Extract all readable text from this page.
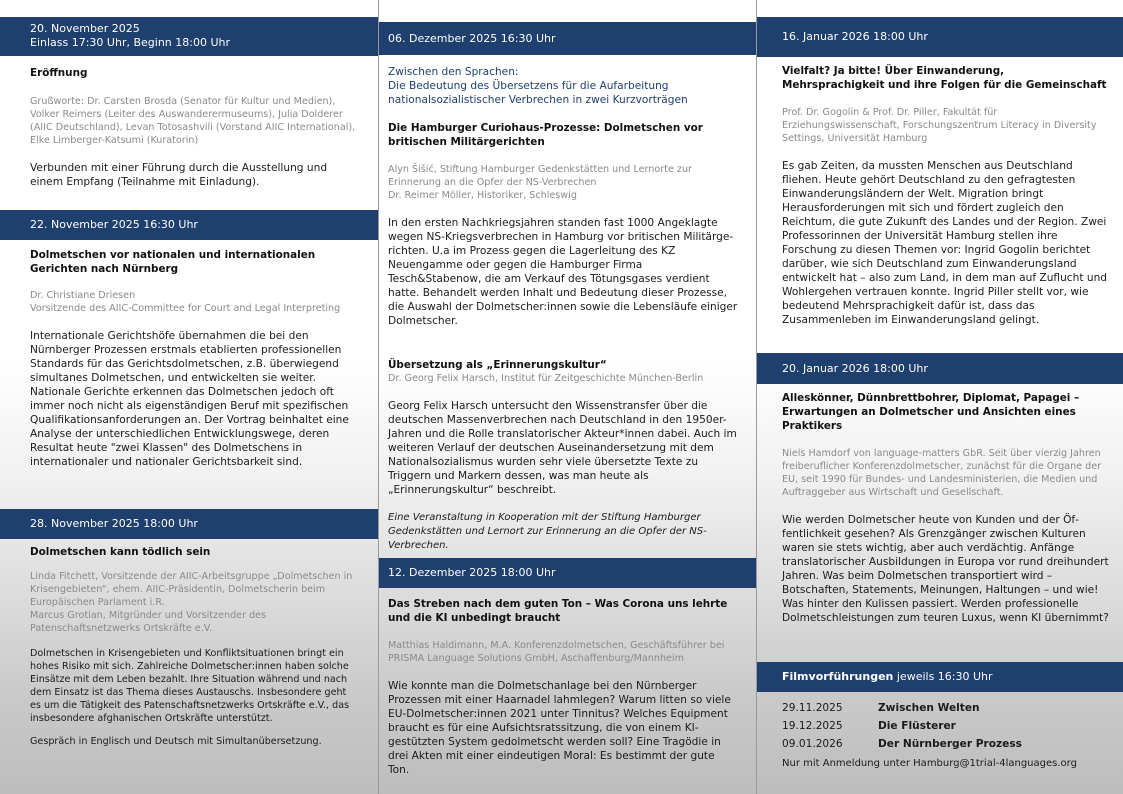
20. November 2025
Einlass 17:30 Uhr, Beginn 18:00 Uhr

Eröffnung

Grußworte: Dr. Carsten Brosda (Senator für Kultur und Medien), Volker Reimers (Leiter des Auswanderermuseums), Julia Dolderer (AIIC Deutschland), Levan Totosashvili (Vorstand AIIC International), Elke Limberger-Katsumi (Kuratorin)

Verbunden mit einer Führung durch die Ausstellung und einem Empfang (Teilnahme mit Einladung).

22. November 2025 16:30 Uhr

Dolmetschen vor nationalen und internationalen Gerichten nach Nürnberg

Dr. Christiane Driesen
Vorsitzende des AIIC-Committee for Court and Legal Interpreting

Internationale Gerichtshöfe übernahmen die bei den Nürnberger Prozessen erstmals etablierten professionellen Standards für das Gerichtsdolmetschen, z.B. überwiegend simultanes Dolmetschen, und entwickelten sie weiter. Nationale Gerichte erkennen das Dolmetschen jedoch oft immer noch nicht als eigenständigen Beruf mit spezifischen Qualifikationsanforderungen an. Der Vortrag beinhaltet eine Analyse der unterschiedlichen Entwicklungswege, deren Resultat heute "zwei Klassen" des Dolmetschens in internationaler und nationaler Gerichtsbarkeit sind.

28. November 2025 18:00 Uhr

Dolmetschen kann tödlich sein

Linda Fitchett, Vorsitzende der AIIC-Arbeitsgruppe „Dolmetschen in Krisengebieten“, ehem. AIIC-Präsidentin, Dolmetscherin beim Europäischen Parlament i.R.
Marcus Grotian, Mitgründer und Vorsitzender des Patenschaftsnetzwerks Ortskräfte e.V.

Dolmetschen in Krisengebieten und Konfliktsituationen bringt ein hohes Risiko mit sich. Zahlreiche Dolmetscher:innen haben solche Einsätze mit dem Leben bezahlt. Ihre Situation während und nach dem Einsatz ist das Thema dieses Austauschs. Insbesondere geht es um die Tätigkeit des Patenschaftsnetzwerks Ortskräfte e.V., das insbesondere afghanischen Ortskräfte unterstützt.

Gespräch in Englisch und Deutsch mit Simultanübersetzung.

06. Dezember 2025 16:30 Uhr

Zwischen den Sprachen:

Die Bedeutung des Übersetzens für die Aufarbeitung nationalsozialistischer Verbrechen in zwei Kurzvorträgen

Die Hamburger Curiohaus-Prozesse: Dolmetschen vor britischen Militärgerichten

Alyn Šišić, Stiftung Hamburger Gedenkstätten und Lernorte zur Erinnerung an die Opfer der NS-Verbrechen
Dr. Reimer Möller, Historiker, Schleswig

In den ersten Nachkriegsjahren standen fast 1000 Angeklagte wegen NS-Kriegsverbrechen in Hamburg vor britischen Militärgerichten. U.a im Prozess gegen die Lagerleitung des KZ Neuengamme oder gegen die Hamburger Firma Tesch&Stabenow, die am Verkauf des Tötungsgases verdient hatte. Behandelt werden Inhalt und Bedeutung dieser Prozesse, die Auswahl der Dolmetscher:innen sowie die Lebensläufe einiger Dolmetscher.

Übersetzung als „Erinnerungskultur“

Dr. Georg Felix Harsch, Institut für Zeitgeschichte München-Berlin

Georg Felix Harsch untersucht den Wissenstransfer über die deutschen Massenverbrechen nach Deutschland in den 1950er-Jahren und die Rolle translatorischer Akteur*innen dabei. Auch im weiteren Verlauf der deutschen Auseinandersetzung mit dem Nationalsozialismus wurden sehr viele übersetzte Texte zu Triggern und Markern dessen, was man heute als „Erinnerungskultur“ beschreibt.

Eine Veranstaltung in Kooperation mit der Stiftung Hamburger Gedenkstätten und Lernort zur Erinnerung an die Opfer der NS-Verbrechen.

12. Dezember 2025 18:00 Uhr

Das Streben nach dem guten Ton – Was Corona uns lehrte und die KI unbedingt braucht

Matthias Haldimann, M.A. Konferenzdolmetschen, Geschäftsführer bei PRISMA Language Solutions GmbH, Aschaffenburg/Mannheim

Wie konnte man die Dolmetschanlage bei den Nürnberger Prozessen mit einer Haarnadel lahmlegen? Warum litten so viele EU-Dolmetscher:innen 2021 unter Tinnitus? Welches Equipment braucht es für eine Aufsichtsratssitzung, die von einem KI-gestützten System gedolmetscht werden soll? Eine Tragödie in drei Akten mit einer eindeutigen Moral: Es bestimmt der gute Ton.

16. Januar 2026 18:00 Uhr

Vielfalt? Ja bitte! Über Einwanderung, Mehrsprachigkeit und ihre Folgen für die Gemeinschaft

Prof. Dr. Gogolin & Prof. Dr. Piller, Fakultät für Erziehungswissenschaft, Forschungszentrum Literacy in Diversity Settings, Universität Hamburg

Es gab Zeiten, da mussten Menschen aus Deutschland fliehen. Heute gehört Deutschland zu den gefragtesten Einwanderungsländern der Welt. Migration bringt Herausforderungen mit sich und fördert zugleich den Reichtum, die gute Zukunft des Landes und der Region. Zwei Professorinnen der Universität Hamburg stellen ihre Forschung zu diesen Themen vor: Ingrid Gogolin berichtet darüber, wie sich Deutschland zum Einwanderungsland entwickelt hat – also zum Land, in dem man auf Zuflucht und Wohlergehen vertrauen konnte. Ingrid Piller stellt vor, wie bedeutend Mehrsprachigkeit dafür ist, dass das Zusammenleben im Einwanderungsland gelingt.

20. Januar 2026 18:00 Uhr

Alleskönner, Dünnbrettbohrer, Diplomat, Papagei – Erwartungen an Dolmetscher und Ansichten eines Praktikers

Niels Hamdorf von language-matters GbR. Seit über vierzig Jahren freiberuflicher Konferenzdolmetscher, zunächst für die Organe der EU, seit 1990 für Bundes- und Landesministerien, die Medien und Auftraggeber aus Wirtschaft und Gesellschaft.

Wie werden Dolmetscher heute von Kunden und der Öffentlichkeit gesehen? Als Grenzgänger zwischen Kulturen waren sie stets wichtig, aber auch verdächtig. Anfänge translatorischer Ausbildungen in Europa vor rund dreihundert Jahren. Was beim Dolmetschen transportiert wird – Botschaften, Statements, Meinungen, Haltungen – und wie! Was hinter den Kulissen passiert. Werden professionelle Dolmetschleistungen zum teuren Luxus, wenn KI übernimmt?

Filmvorführungen jeweils 16:30 Uhr
29.11.2025	Zwischen Welten
19.12.2025	Die Flüsterer
09.01.2026	Der Nürnberger Prozess
Nur mit Anmeldung unter Hamburg@1trial-4languages.org
